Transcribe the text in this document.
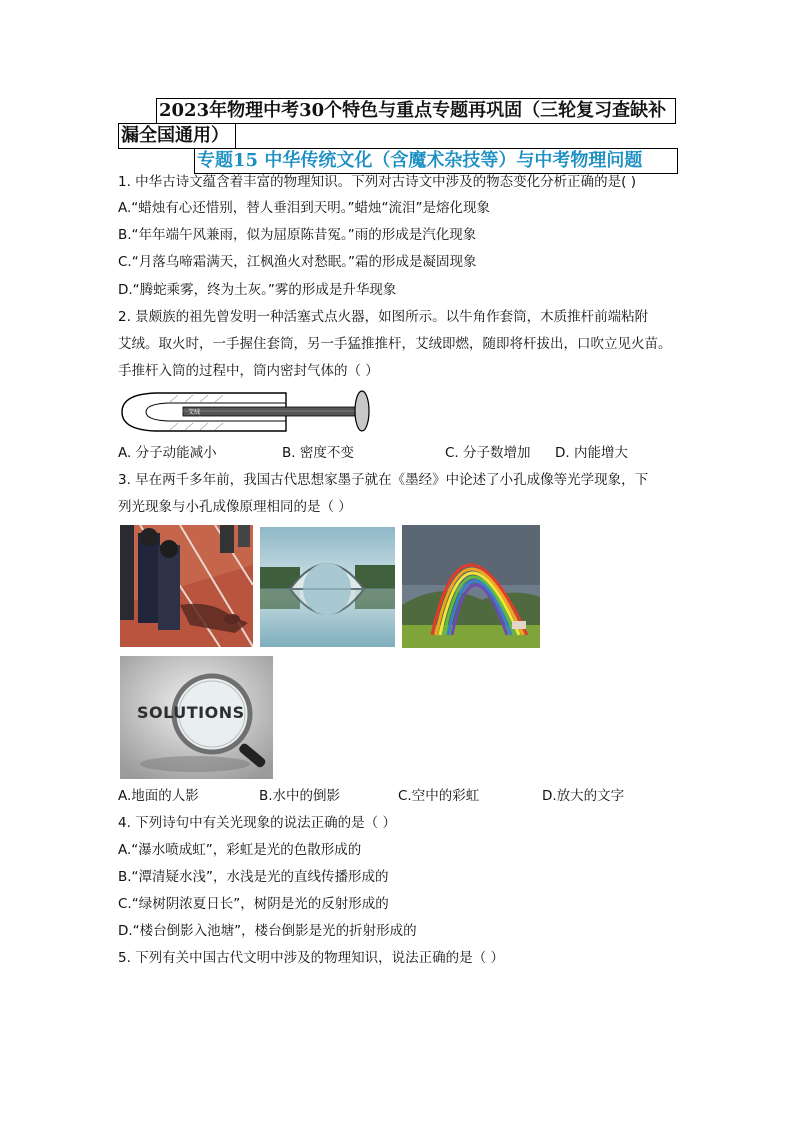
2023年物理中考30个特色与重点专题再巩固（三轮复习查缺补
漏全国通用）
专题15 中华传统文化（含魔术杂技等）与中考物理问题
1. 中华古诗文蕴含着丰富的物理知识。下列对古诗文中涉及的物态变化分析正确的是( )
A.“蜡烛有心还惜别，替人垂泪到天明。”蜡烛“流泪”是熔化现象
B.“年年端午风兼雨，似为屈原陈昔冤。”雨的形成是汽化现象
C.“月落乌啼霜满天，江枫渔火对愁眠。”霜的形成是凝固现象
D.“腾蛇乘雾，终为土灰。”雾的形成是升华现象
2. 景颇族的祖先曾发明一种活塞式点火器，如图所示。以牛角作套筒，木质推杆前端粘附
艾绒。取火时，一手握住套筒，另一手猛推推杆，艾绒即燃，随即将杆拔出，口吹立见火苗。
手推杆入筒的过程中，筒内密封气体的（ ）
艾绒
A. 分子动能减小	B. 密度不变	C. 分子数增加 D. 内能增大
3. 早在两千多年前，我国古代思想家墨子就在《墨经》中论述了小孔成像等光学现象，下
列光现象与小孔成像原理相同的是（ ）
SOLUTIONS
A.地面的人影	B.水中的倒影	C.空中的彩虹	D.放大的文字
4. 下列诗句中有关光现象的说法正确的是（ ）
A.“瀑水喷成虹”，彩虹是光的色散形成的
B.“潭清疑水浅”，水浅是光的直线传播形成的
C.“绿树阴浓夏日长”，树阴是光的反射形成的
D.“楼台倒影入池塘”，楼台倒影是光的折射形成的
5. 下列有关中国古代文明中涉及的物理知识，说法正确的是（ ）
